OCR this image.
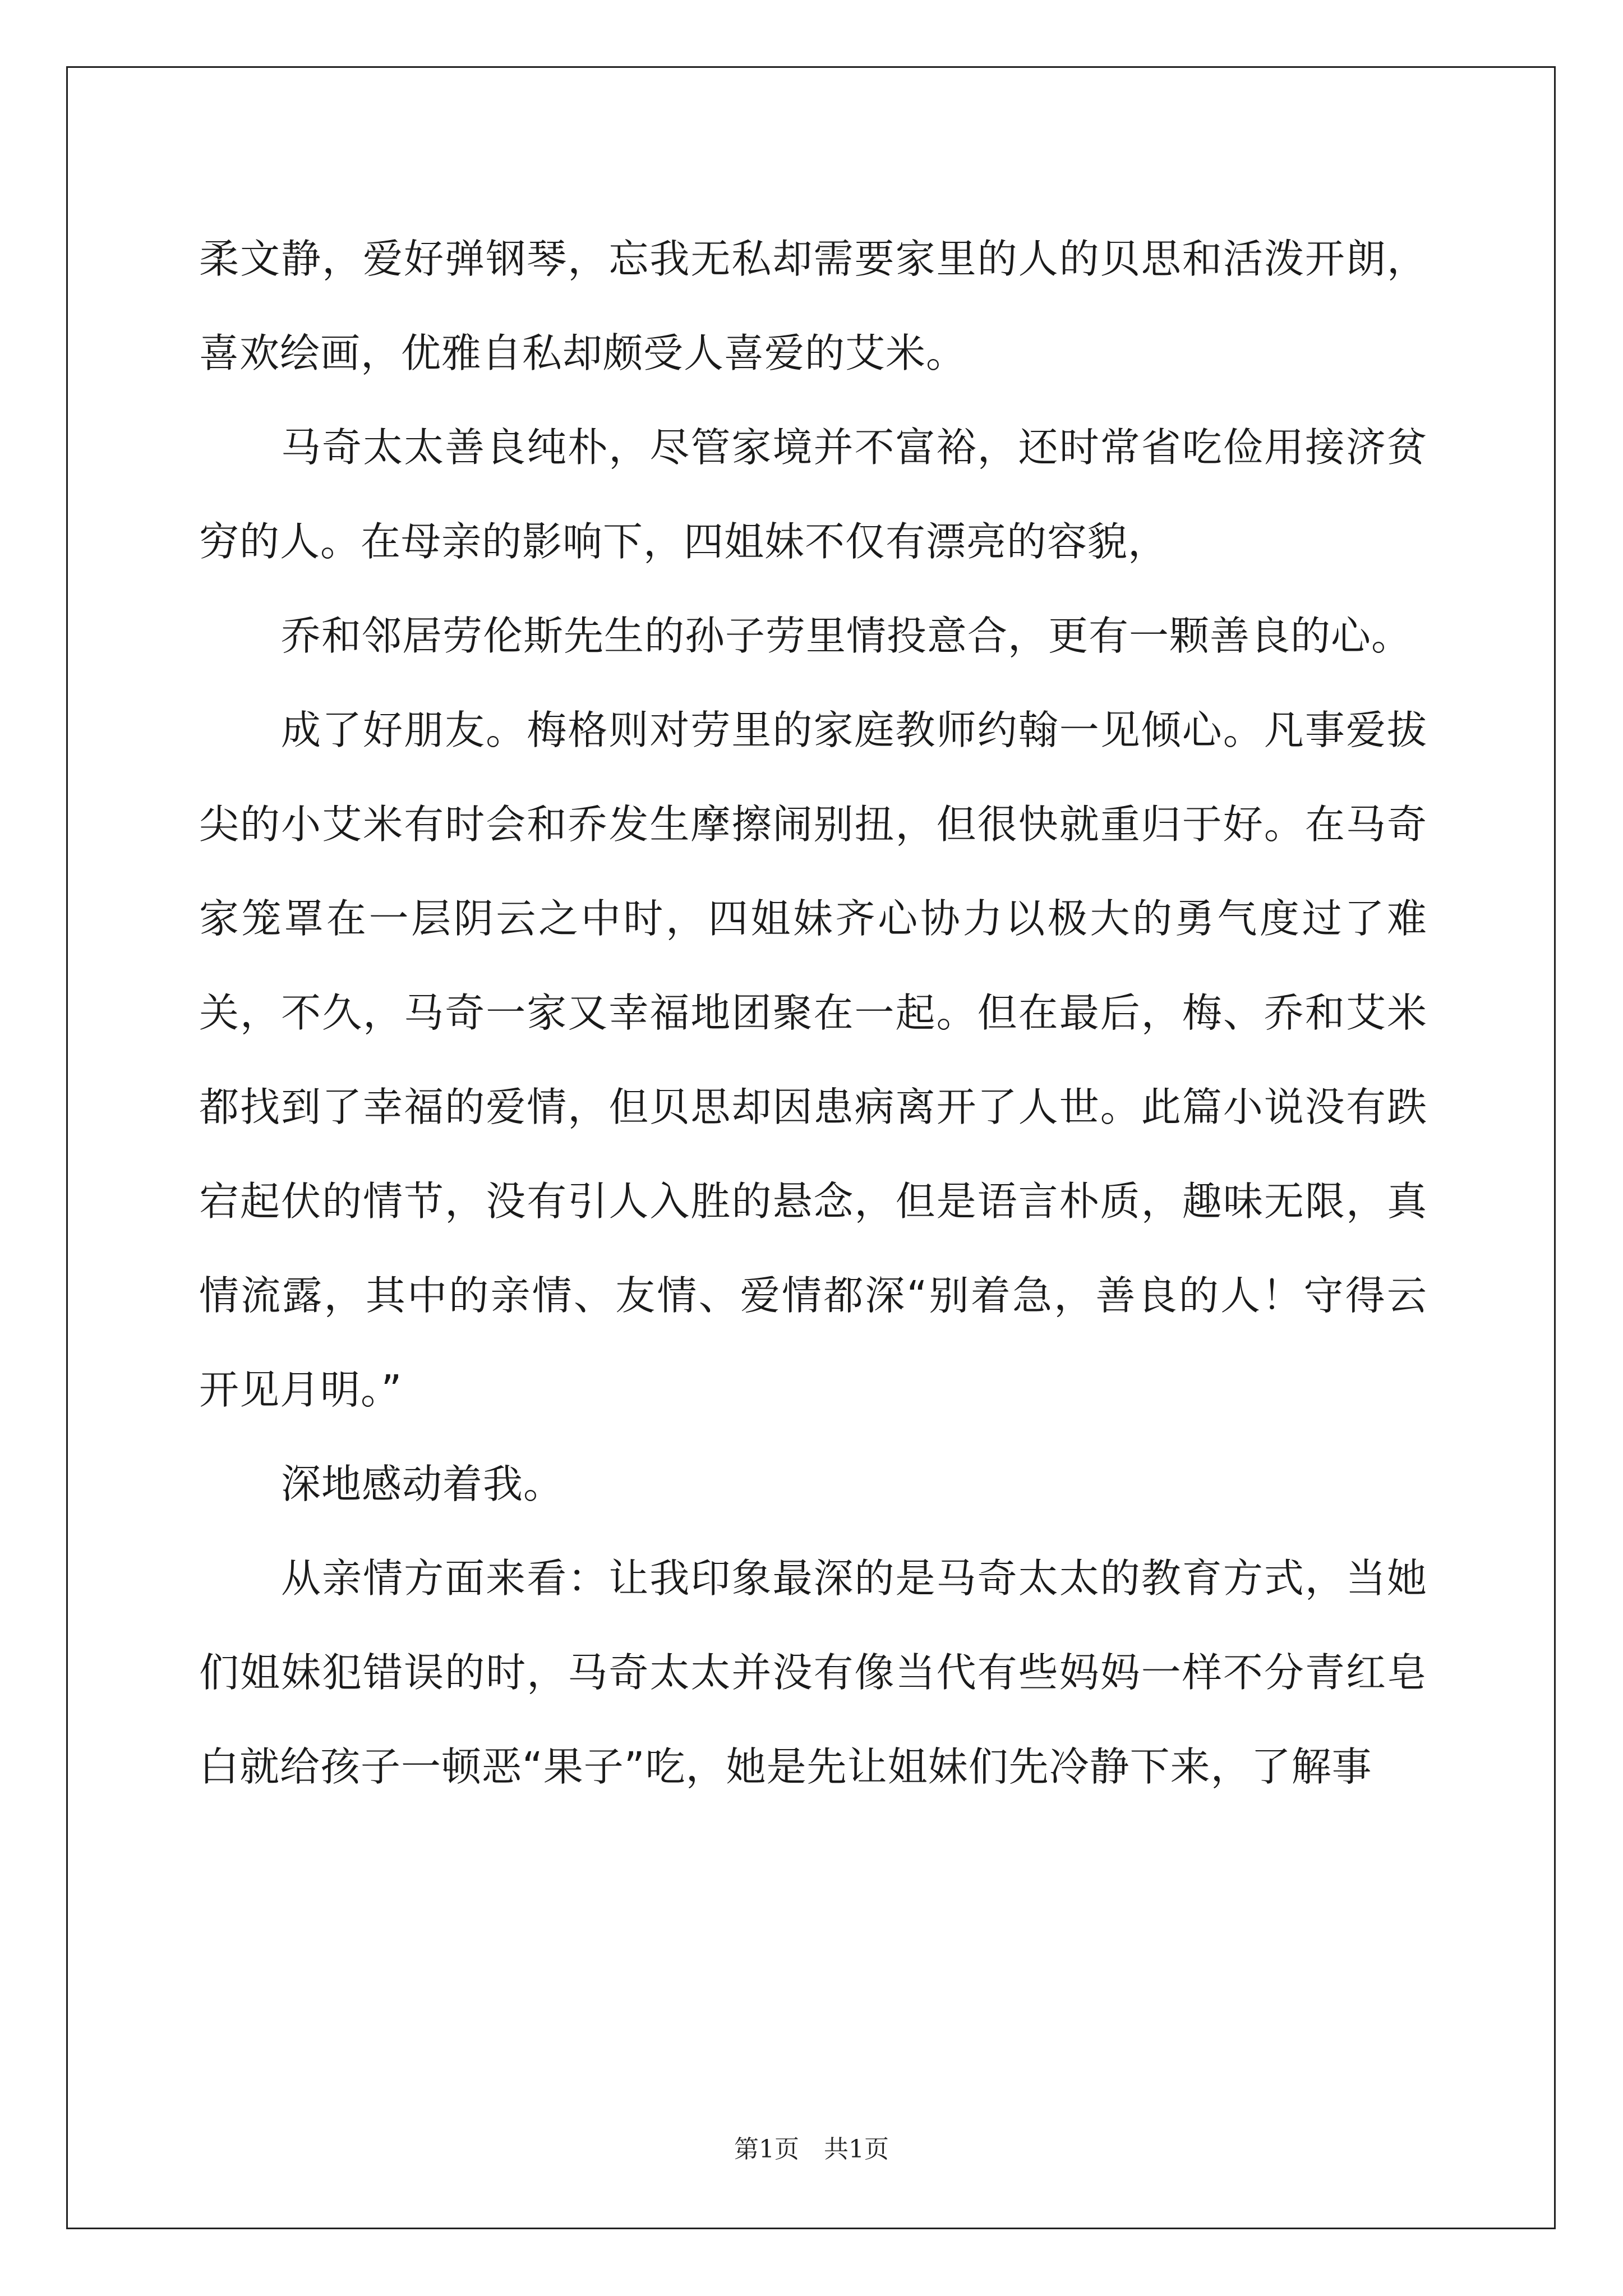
柔文静，爱好弹钢琴，忘我无私却需要家里的人的贝思和活泼开朗，喜欢绘画，优雅自私却颇受人喜爱的艾米。

马奇太太善良纯朴，尽管家境并不富裕，还时常省吃俭用接济贫穷的人。在母亲的影响下，四姐妹不仅有漂亮的容貌，

乔和邻居劳伦斯先生的孙子劳里情投意合，更有一颗善良的心。

成了好朋友。梅格则对劳里的家庭教师约翰一见倾心。凡事爱拔尖的小艾米有时会和乔发生摩擦闹别扭，但很快就重归于好。在马奇家笼罩在一层阴云之中时，四姐妹齐心协力以极大的勇气度过了难关，不久，马奇一家又幸福地团聚在一起。但在最后，梅、乔和艾米都找到了幸福的爱情，但贝思却因患病离开了人世。此篇小说没有跌宕起伏的情节，没有引人入胜的悬念，但是语言朴质，趣味无限，真情流露，其中的亲情、友情、爱情都深“别着急，善良的人！守得云开见月明。”

深地感动着我。

从亲情方面来看：让我印象最深的是马奇太太的教育方式，当她们姐妹犯错误的时，马奇太太并没有像当代有些妈妈一样不分青红皂白就给孩子一顿恶“果子”吃，她是先让姐妹们先冷静下来，了解事

第1页　共1页
